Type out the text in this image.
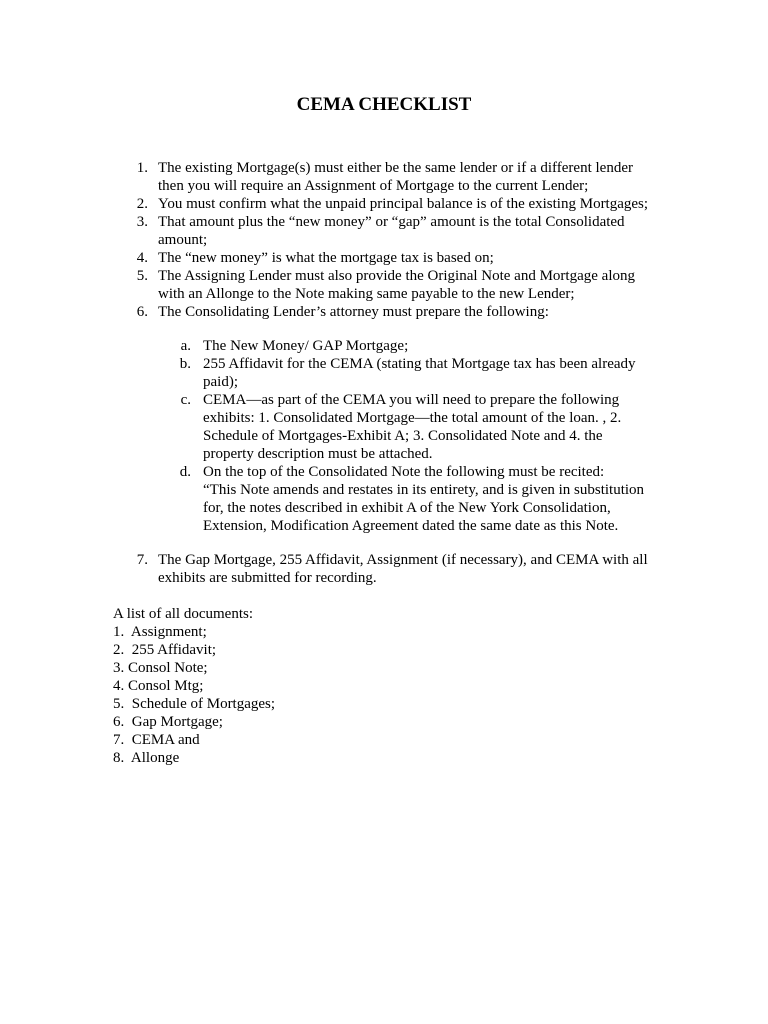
CEMA CHECKLIST
1. The existing Mortgage(s) must either be the same lender or if a different lender
then you will require an Assignment of Mortgage to the current Lender;
2. You must confirm what the unpaid principal balance is of the existing Mortgages;
3. That amount plus the “new money” or “gap” amount is the total Consolidated
amount;
4. The “new money” is what the mortgage tax is based on;
5. The Assigning Lender must also provide the Original Note and Mortgage along
with an Allonge to the Note making same payable to the new Lender;
6. The Consolidating Lender’s attorney must prepare the following:
a. The New Money/ GAP Mortgage;
b. 255 Affidavit for the CEMA (stating that Mortgage tax has been already
paid);
c. CEMA—as part of the CEMA you will need to prepare the following
exhibits: 1. Consolidated Mortgage—the total amount of the loan. , 2.
Schedule of Mortgages-Exhibit A; 3. Consolidated Note and 4. the
property description must be attached.
d. On the top of the Consolidated Note the following must be recited:
“This Note amends and restates in its entirety, and is given in substitution
for, the notes described in exhibit A of the New York Consolidation,
Extension, Modification Agreement dated the same date as this Note.
7. The Gap Mortgage, 255 Affidavit, Assignment (if necessary), and CEMA with all
exhibits are submitted for recording.
A list of all documents:
1.  Assignment;
2.  255 Affidavit;
3. Consol Note;
4. Consol Mtg;
5.  Schedule of Mortgages;
6.  Gap Mortgage;
7.  CEMA and
8.  Allonge
